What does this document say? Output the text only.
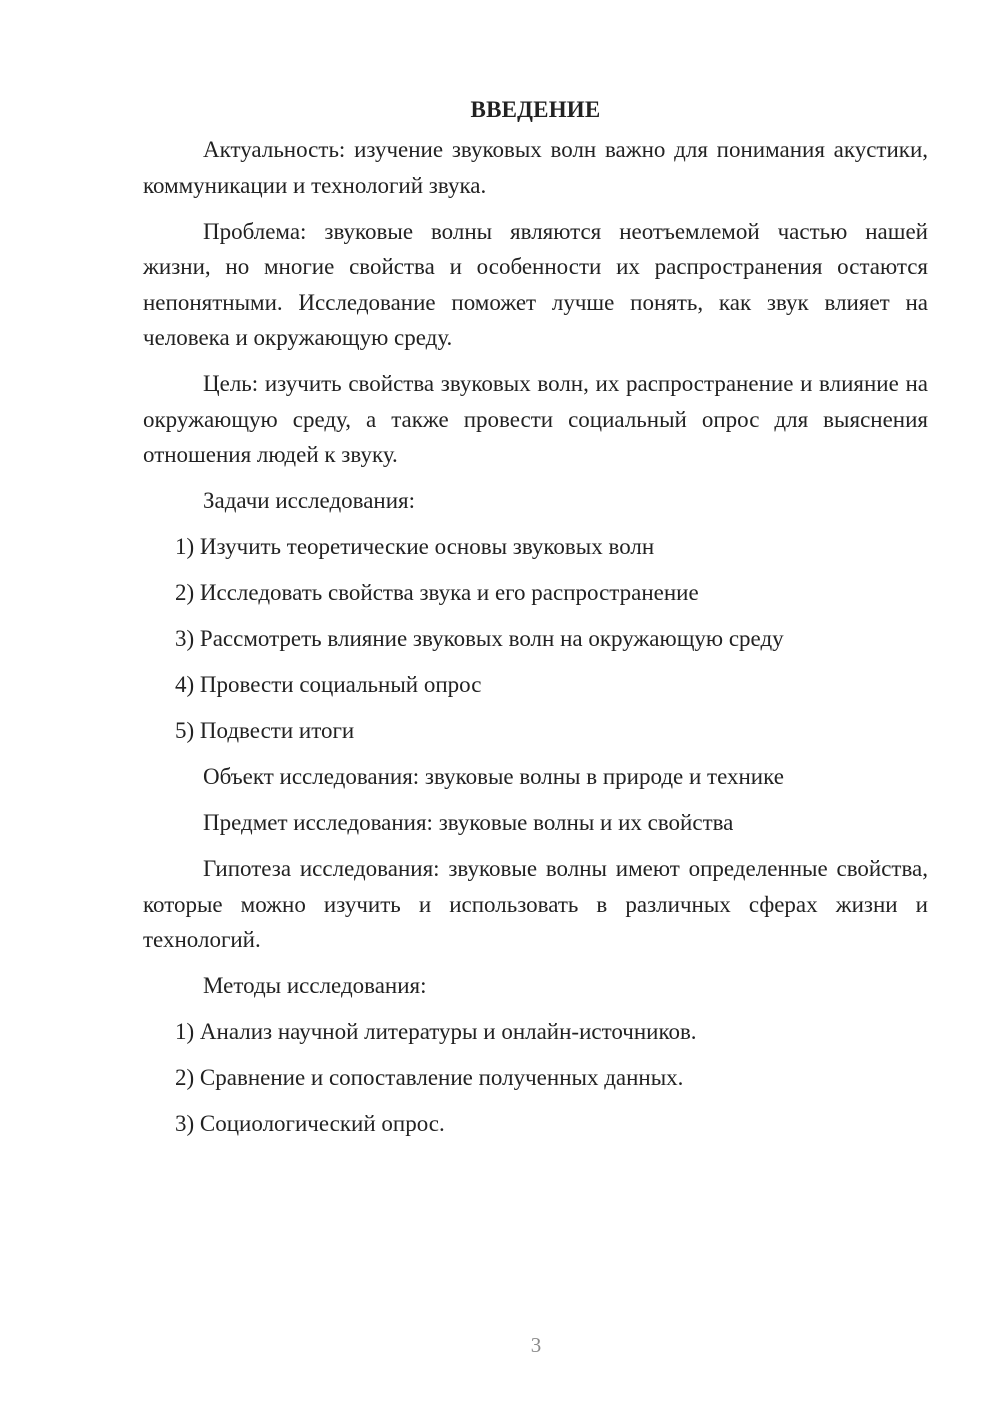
ВВЕДЕНИЕ

Актуальность: изучение звуковых волн важно для понимания акустики, коммуникации и технологий звука.

Проблема: звуковые волны являются неотъемлемой частью нашей жизни, но многие свойства и особенности их распространения остаются непонятными. Исследование поможет лучше понять, как звук влияет на человека и окружающую среду.

Цель: изучить свойства звуковых волн, их распространение и влияние на окружающую среду, а также провести социальный опрос для выяснения отношения людей к звуку.

Задачи исследования:
1) Изучить теоретические основы звуковых волн
2) Исследовать свойства звука и его распространение
3) Рассмотреть влияние звуковых волн на окружающую среду
4) Провести социальный опрос
5) Подвести итоги
Объект исследования: звуковые волны в природе и технике
Предмет исследования: звуковые волны и их свойства

Гипотеза исследования: звуковые волны имеют определенные свойства, которые можно изучить и использовать в различных сферах жизни и технологий.

Методы исследования:
1) Анализ научной литературы и онлайн-источников.
2) Сравнение и сопоставление полученных данных.
3) Социологический опрос.
3
